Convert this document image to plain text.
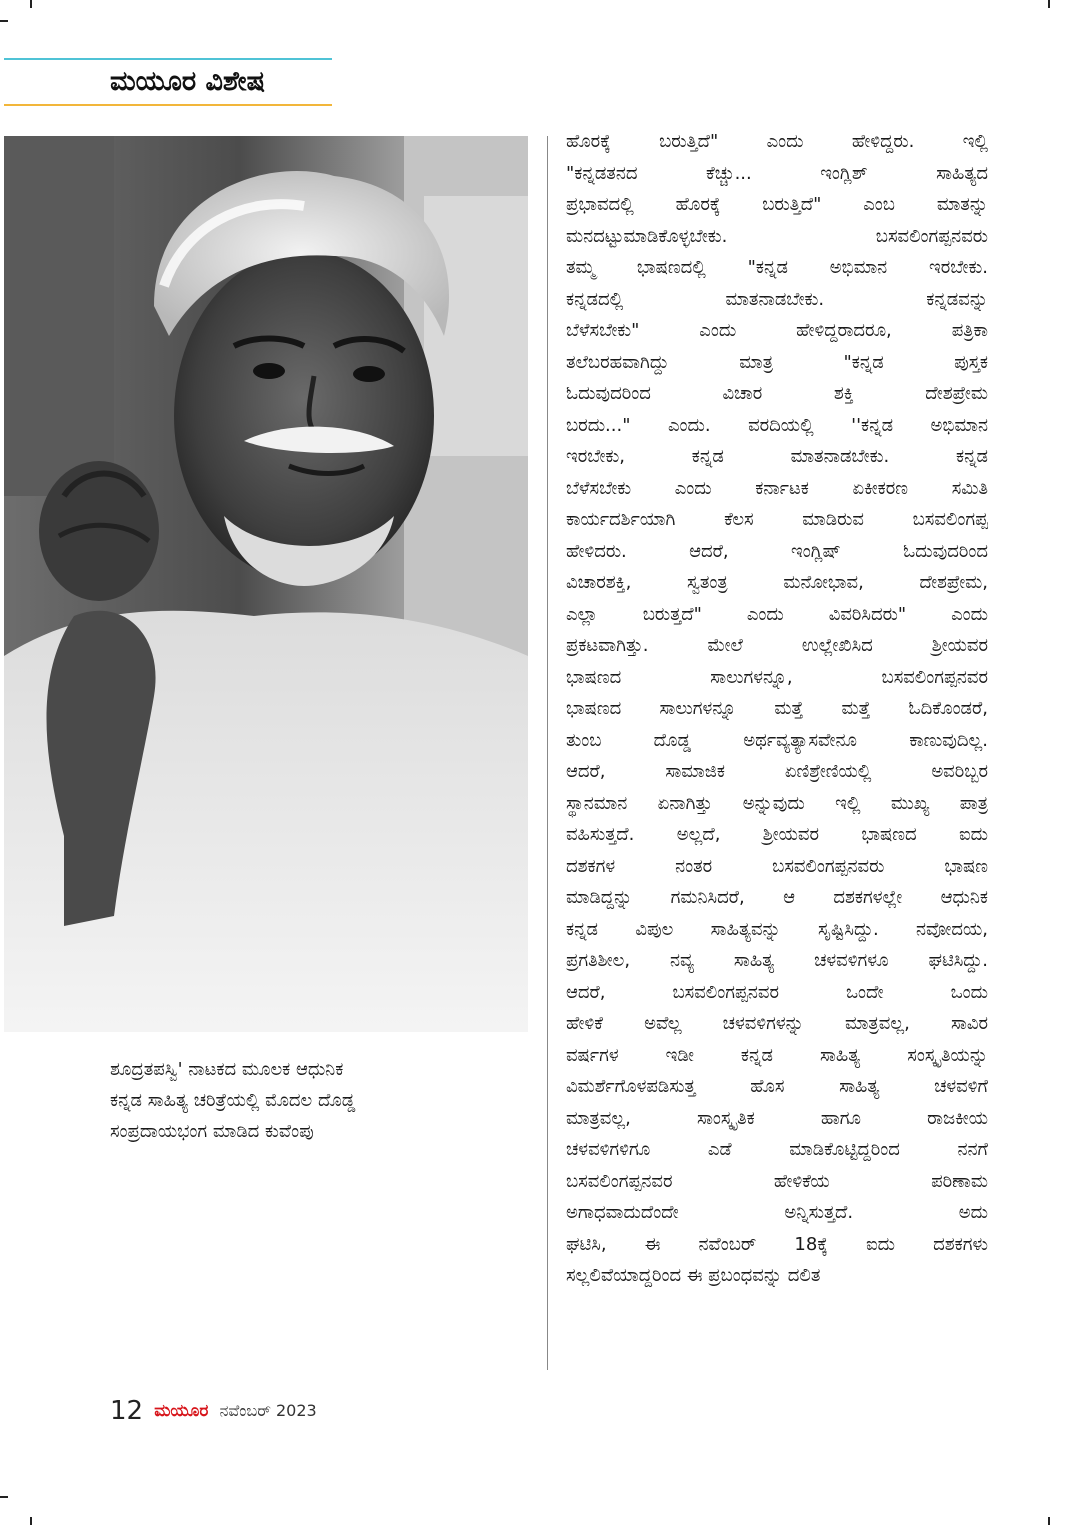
ಮಯೂರ ವಿಶೇಷ
ಶೂದ್ರತಪಸ್ವಿ' ನಾಟಕದ ಮೂಲಕ ಆಧುನಿಕ
ಕನ್ನಡ ಸಾಹಿತ್ಯ ಚರಿತ್ರೆಯಲ್ಲಿ ಮೊದಲ ದೊಡ್ಡ
ಸಂಪ್ರದಾಯಭಂಗ ಮಾಡಿದ ಕುವೆಂಪು
ಹೊರಕ್ಕೆ ಬರುತ್ತಿದೆ" ಎಂದು ಹೇಳಿದ್ದರು. ಇಲ್ಲಿ
"ಕನ್ನಡತನದ ಕೆಚ್ಚು... ಇಂಗ್ಲಿಶ್ ಸಾಹಿತ್ಯದ
ಪ್ರಭಾವದಲ್ಲಿ ಹೊರಕ್ಕೆ ಬರುತ್ತಿದೆ" ಎಂಬ ಮಾತನ್ನು
ಮನದಟ್ಟುಮಾಡಿಕೊಳ್ಳಬೇಕು. ಬಸವಲಿಂಗಪ್ಪನವರು
ತಮ್ಮ ಭಾಷಣದಲ್ಲಿ "ಕನ್ನಡ ಅಭಿಮಾನ ಇರಬೇಕು.
ಕನ್ನಡದಲ್ಲಿ ಮಾತನಾಡಬೇಕು. ಕನ್ನಡವನ್ನು
ಬೆಳೆಸಬೇಕು" ಎಂದು ಹೇಳಿದ್ದರಾದರೂ, ಪತ್ರಿಕಾ
ತಲೆಬರಹವಾಗಿದ್ದು ಮಾತ್ರ "ಕನ್ನಡ ಪುಸ್ತಕ
ಓದುವುದರಿಂದ ವಿಚಾರ ಶಕ್ತಿ ದೇಶಪ್ರೇಮ
ಬರದು..." ಎಂದು. ವರದಿಯಲ್ಲಿ ''ಕನ್ನಡ ಅಭಿಮಾನ
ಇರಬೇಕು, ಕನ್ನಡ ಮಾತನಾಡಬೇಕು. ಕನ್ನಡ
ಬೆಳೆಸಬೇಕು ಎಂದು ಕರ್ನಾಟಕ ಏಕೀಕರಣ ಸಮಿತಿ
ಕಾರ್ಯದರ್ಶಿಯಾಗಿ ಕೆಲಸ ಮಾಡಿರುವ ಬಸವಲಿಂಗಪ್ಪ
ಹೇಳಿದರು. ಆದರೆ, ಇಂಗ್ಲಿಷ್ ಓದುವುದರಿಂದ
ವಿಚಾರಶಕ್ತಿ, ಸ್ವತಂತ್ರ ಮನೋಭಾವ, ದೇಶಪ್ರೇಮ,
ಎಲ್ಲಾ ಬರುತ್ತದೆ" ಎಂದು ವಿವರಿಸಿದರು" ಎಂದು
ಪ್ರಕಟವಾಗಿತ್ತು. ಮೇಲೆ ಉಲ್ಲೇಖಿಸಿದ ಶ್ರೀಯವರ
ಭಾಷಣದ ಸಾಲುಗಳನ್ನೂ, ಬಸವಲಿಂಗಪ್ಪನವರ
ಭಾಷಣದ ಸಾಲುಗಳನ್ನೂ ಮತ್ತೆ ಮತ್ತೆ ಓದಿಕೊಂಡರೆ,
ತುಂಬ ದೊಡ್ಡ ಅರ್ಥವ್ಯತ್ಯಾಸವೇನೂ ಕಾಣುವುದಿಲ್ಲ.
ಆದರೆ, ಸಾಮಾಜಿಕ ಏಣಿಶ್ರೇಣಿಯಲ್ಲಿ ಅವರಿಬ್ಬರ
ಸ್ಥಾನಮಾನ ಏನಾಗಿತ್ತು ಅನ್ನುವುದು ಇಲ್ಲಿ ಮುಖ್ಯ ಪಾತ್ರ
ವಹಿಸುತ್ತದೆ. ಅಲ್ಲದೆ, ಶ್ರೀಯವರ ಭಾಷಣದ ಐದು
ದಶಕಗಳ ನಂತರ ಬಸವಲಿಂಗಪ್ಪನವರು ಭಾಷಣ
ಮಾಡಿದ್ದನ್ನು ಗಮನಿಸಿದರೆ, ಆ ದಶಕಗಳಲ್ಲೇ ಆಧುನಿಕ
ಕನ್ನಡ ವಿಪುಲ ಸಾಹಿತ್ಯವನ್ನು ಸೃಷ್ಟಿಸಿದ್ದು. ನವೋದಯ,
ಪ್ರಗತಿಶೀಲ, ನವ್ಯ ಸಾಹಿತ್ಯ ಚಳವಳಿಗಳೂ ಘಟಿಸಿದ್ದು.
ಆದರೆ, ಬಸವಲಿಂಗಪ್ಪನವರ ಒಂದೇ ಒಂದು
ಹೇಳಿಕೆ ಅವೆಲ್ಲ ಚಳವಳಿಗಳನ್ನು ಮಾತ್ರವಲ್ಲ, ಸಾವಿರ
ವರ್ಷಗಳ ಇಡೀ ಕನ್ನಡ ಸಾಹಿತ್ಯ ಸಂಸ್ಕೃತಿಯನ್ನು
ವಿಮರ್ಶೆಗೊಳಪಡಿಸುತ್ತ ಹೊಸ ಸಾಹಿತ್ಯ ಚಳವಳಿಗೆ
ಮಾತ್ರವಲ್ಲ, ಸಾಂಸ್ಕೃತಿಕ ಹಾಗೂ ರಾಜಕೀಯ
ಚಳವಳಿಗಳಿಗೂ ಎಡೆ ಮಾಡಿಕೊಟ್ಟಿದ್ದರಿಂದ ನನಗೆ
ಬಸವಲಿಂಗಪ್ಪನವರ ಹೇಳಿಕೆಯ ಪರಿಣಾಮ
ಅಗಾಧವಾದುದೆಂದೇ ಅನ್ನಿಸುತ್ತದೆ. ಅದು
ಘಟಿಸಿ, ಈ ನವೆಂಬರ್ 18ಕ್ಕೆ ಐದು ದಶಕಗಳು
ಸಲ್ಲಲಿವೆಯಾದ್ದರಿಂದ ಈ ಪ್ರಬಂಧವನ್ನು ದಲಿತ
12 ಮಯೂರ ನವೆಂಬರ್ 2023
